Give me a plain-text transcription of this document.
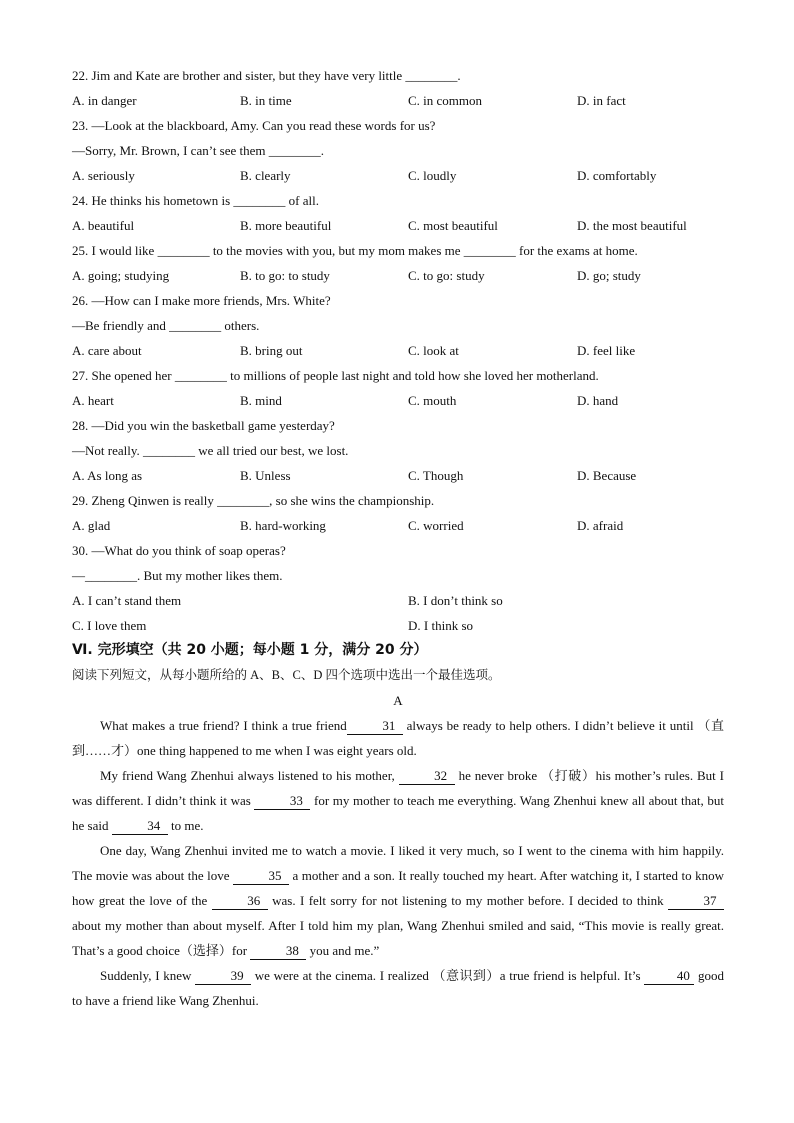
22. Jim and Kate are brother and sister, but they have very little ________.
A. in danger	B. in time	C. in common	D. in fact
23. —Look at the blackboard, Amy. Can you read these words for us?
—Sorry, Mr. Brown, I can’t see them ________.
A. seriously	B. clearly	C. loudly	D. comfortably
24. He thinks his hometown is ________ of all.
A. beautiful	B. more beautiful	C. most beautiful	D. the most beautiful
25. I would like ________ to the movies with you, but my mom makes me ________ for the exams at home.
A. going; studying	B. to go: to study	C. to go: study	D. go; study
26. —How can I make more friends, Mrs. White?
—Be friendly and ________ others.
A. care about	B. bring out	C. look at	D. feel like
27. She opened her ________ to millions of people last night and told how she loved her motherland.
A. heart	B. mind	C. mouth	D. hand
28. —Did you win the basketball game yesterday?
—Not really. ________ we all tried our best, we lost.
A. As long as	B. Unless	C. Though	D. Because
29. Zheng Qinwen is really ________, so she wins the championship.
A. glad	B. hard-working	C. worried	D. afraid
30. —What do you think of soap operas?
—________. But my mother likes them.
A. I can’t stand them	B. I don’t think so
C. I love them	D. I think so
Ⅵ. 完形填空（共 20 小题；每小题 1 分，满分 20 分）
阅读下列短文，从每小题所给的 A、B、C、D 四个选项中选出一个最佳选项。
A
What makes a true friend? I think a true friend	31 always be ready to help others. I didn’t believe it until （直到……才）one thing happened to me when I was eight years old.
My friend Wang Zhenhui always listened to his mother,	32 he never broke （打破）his mother’s rules. But I was different. I didn’t think it was	33 for my mother to teach me everything. Wang Zhenhui knew all about that, but he said	34 to me.
One day, Wang Zhenhui invited me to watch a movie. I liked it very much, so I went to the cinema with him happily. The movie was about the love	35 a mother and a son. It really touched my heart. After watching it, I started to know how great the love of the	36 was. I felt sorry for not listening to my mother before. I decided to think	37 about my mother than about myself. After I told him my plan, Wang Zhenhui smiled and said, “This movie is really great. That’s a good choice（选择）for	38 you and me.”
Suddenly, I knew	39 we were at the cinema. I realized （意识到）a true friend is helpful. It’s	40 good to have a friend like Wang Zhenhui.
